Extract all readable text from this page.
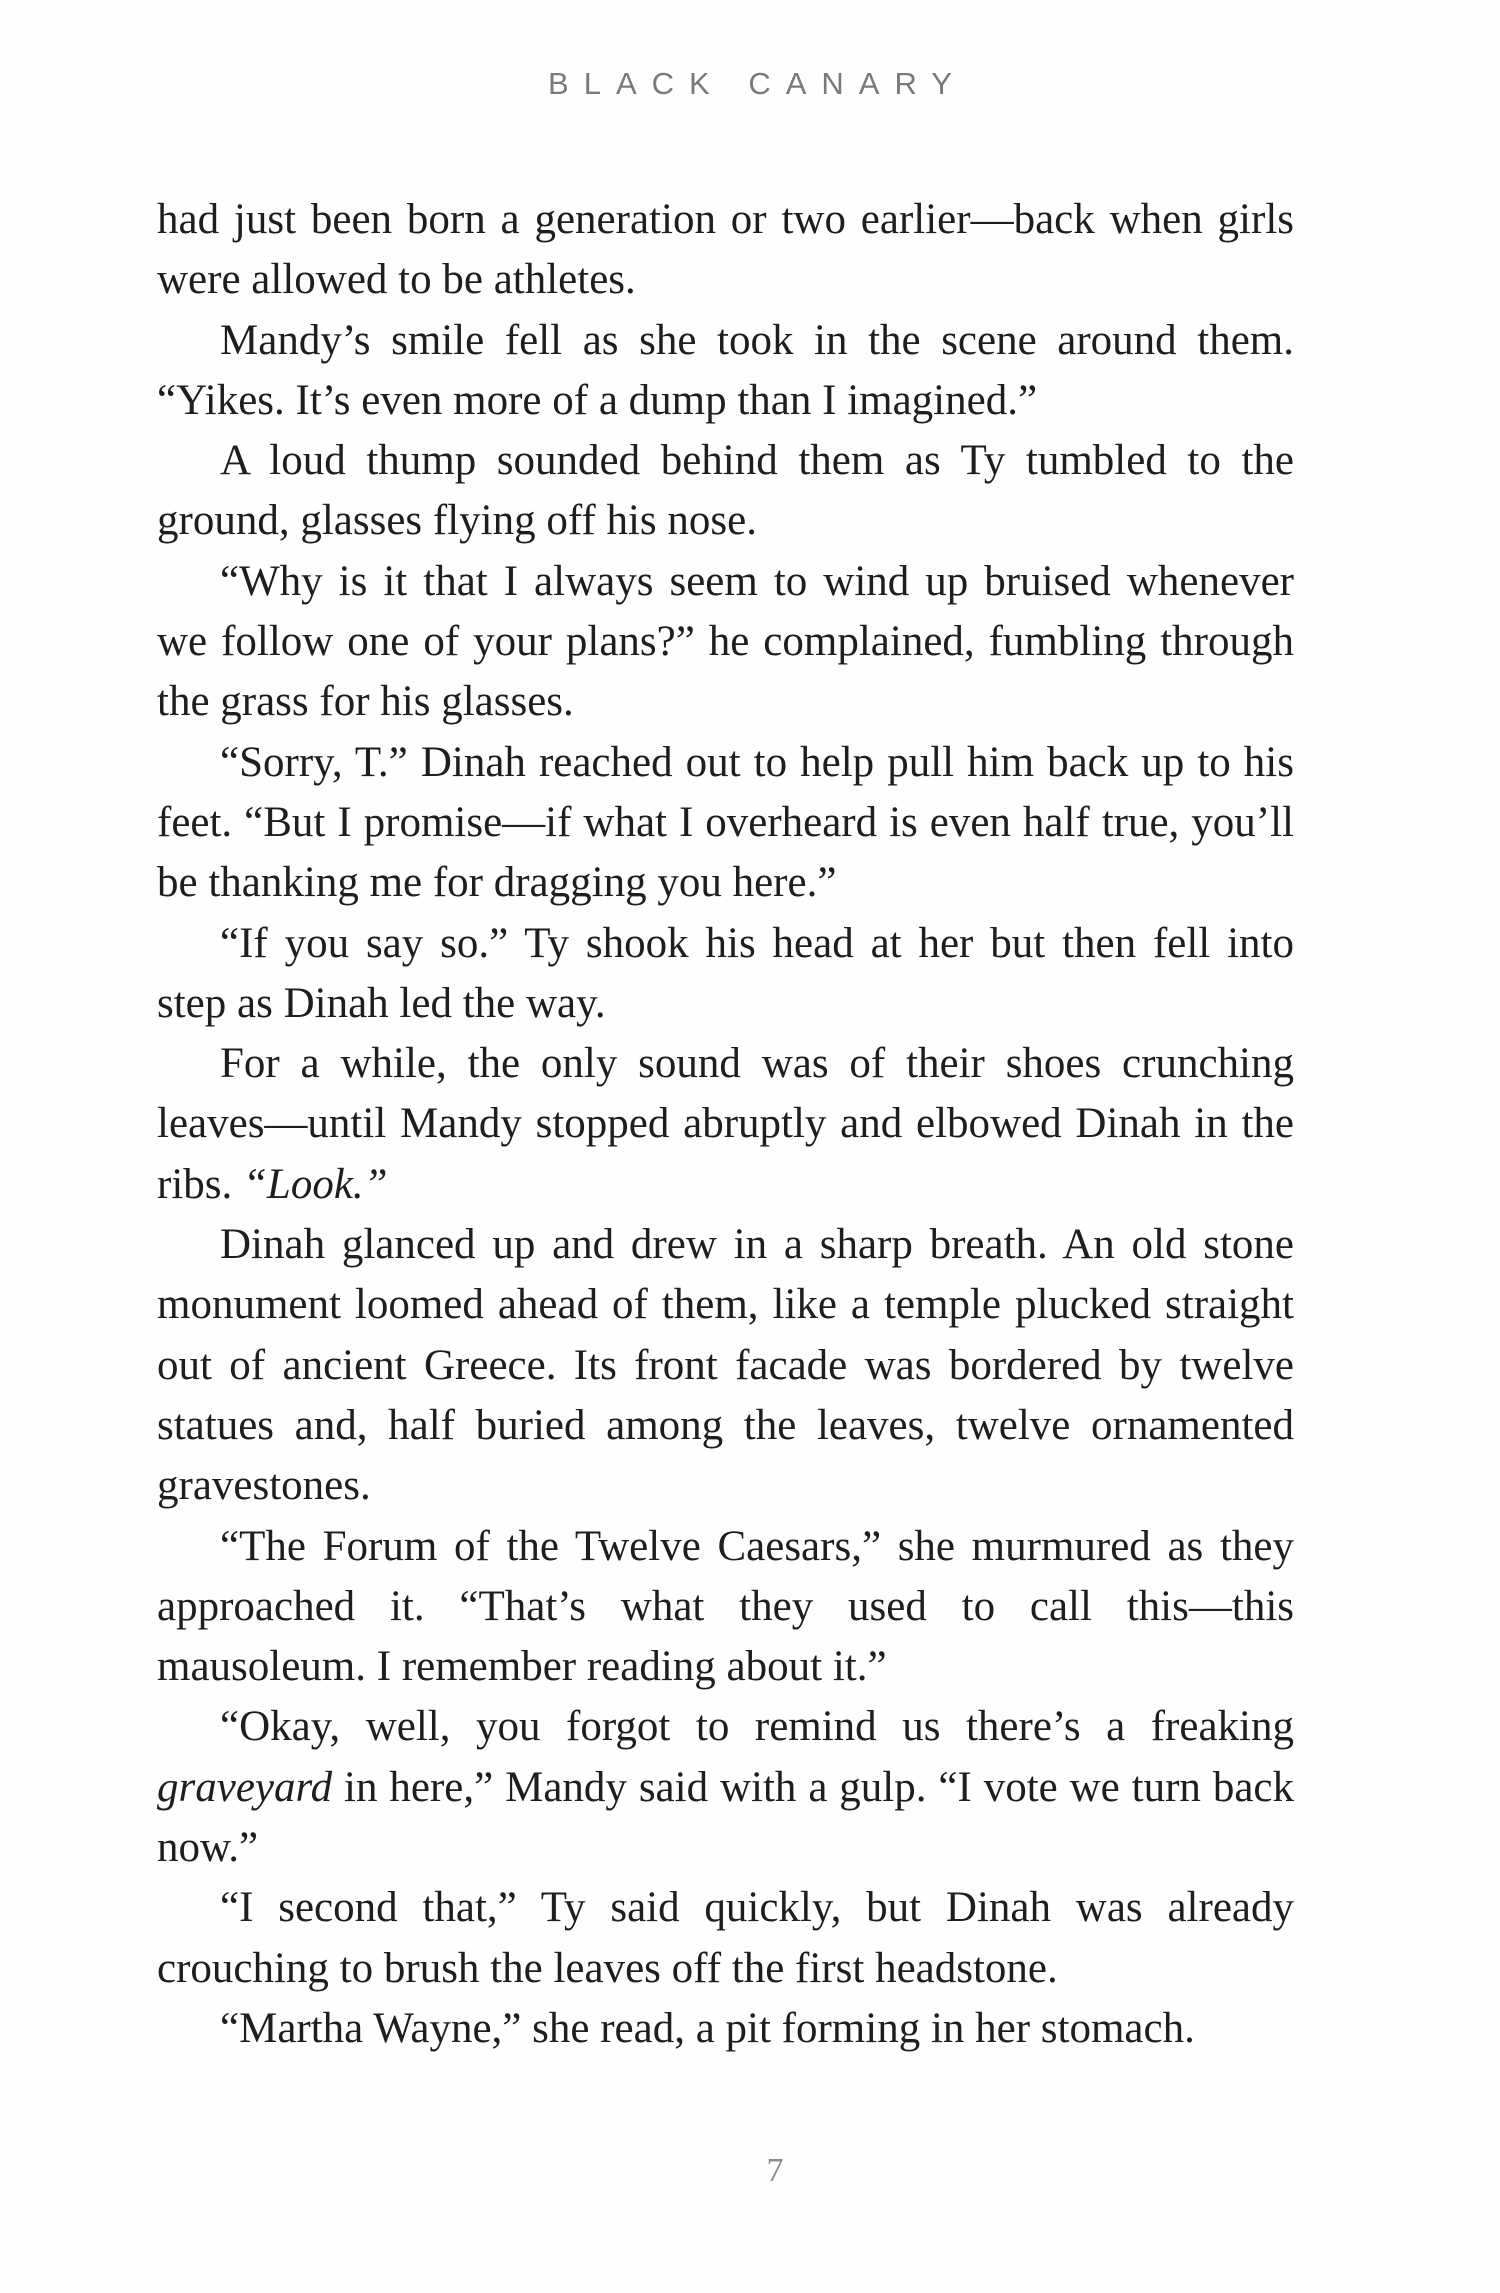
BLACK CANARY

had just been born a generation or two earlier—back when girls were allowed to be athletes.

Mandy’s smile fell as she took in the scene around them. “Yikes. It’s even more of a dump than I imagined.”

A loud thump sounded behind them as Ty tumbled to the ground, glasses flying off his nose.

“Why is it that I always seem to wind up bruised whenever we follow one of your plans?” he complained, fumbling through the grass for his glasses.

“Sorry, T.” Dinah reached out to help pull him back up to his feet. “But I promise—if what I overheard is even half true, you’ll be thanking me for dragging you here.”

“If you say so.” Ty shook his head at her but then fell into step as Dinah led the way.

For a while, the only sound was of their shoes crunching leaves—until Mandy stopped abruptly and elbowed Dinah in the ribs. “Look.”

Dinah glanced up and drew in a sharp breath. An old stone monument loomed ahead of them, like a temple plucked straight out of ancient Greece. Its front facade was bordered by twelve statues and, half buried among the leaves, twelve ornamented gravestones.

“The Forum of the Twelve Caesars,” she murmured as they approached it. “That’s what they used to call this—this mausoleum. I remember reading about it.”

“Okay, well, you forgot to remind us there’s a freaking graveyard in here,” Mandy said with a gulp. “I vote we turn back now.”

“I second that,” Ty said quickly, but Dinah was already crouching to brush the leaves off the first headstone.

“Martha Wayne,” she read, a pit forming in her stomach.

7
